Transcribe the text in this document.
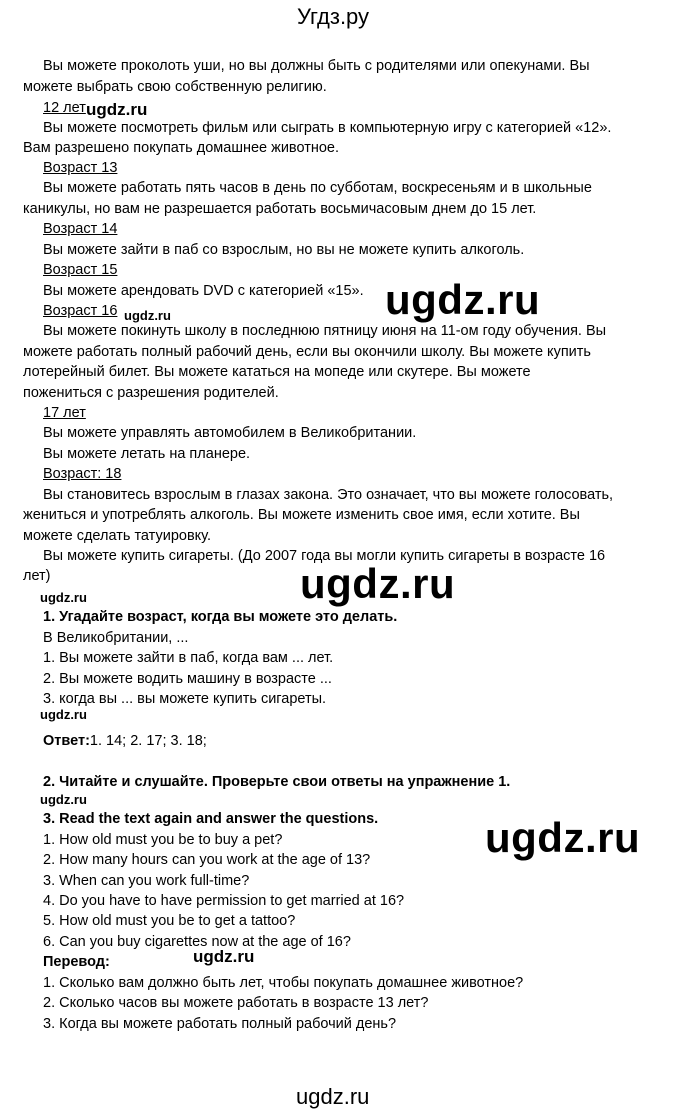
Угдз.ру
Вы можете проколоть уши, но вы должны быть с родителями или опекунами. Вы
можете выбрать свою собственную религию.
12 лет ugdz.ru
Вы можете посмотреть фильм или сыграть в компьютерную игру с категорией «12».
Вам разрешено покупать домашнее животное.
Возраст 13
Вы можете работать пять часов в день по субботам, воскресеньям и в школьные
каникулы, но вам не разрешается работать восьмичасовым днем до 15 лет.
Возраст 14
Вы можете зайти в паб со взрослым, но вы не можете купить алкоголь.
Возраст 15
Вы можете арендовать DVD с категорией «15». ugdz.ru
Возраст 16 ugdz.ru
Вы можете покинуть школу в последнюю пятницу июня на 11-ом году обучения. Вы
можете работать полный рабочий день, если вы окончили школу. Вы можете купить
лотерейный билет. Вы можете кататься на мопеде или скутере. Вы можете
пожениться с разрешения родителей.
17 лет
Вы можете управлять автомобилем в Великобритании.
Вы можете летать на планере.
Возраст: 18
Вы становитесь взрослым в глазах закона. Это означает, что вы можете голосовать,
жениться и употреблять алкоголь. Вы можете изменить свое имя, если хотите. Вы
можете сделать татуировку.
Вы можете купить сигареты. (До 2007 года вы могли купить сигареты в возрасте 16
лет)	ugdz.ru
ugdz.ru
1. Угадайте возраст, когда вы можете это делать.
В Великобритании, ...
1. Вы можете зайти в паб, когда вам ... лет.
2. Вы можете водить машину в возрасте ...
3. когда вы ... вы можете купить сигареты.
ugdz.ru
Ответ:1. 14; 2. 17; 3. 18;
2. Читайте и слушайте. Проверьте свои ответы на упражнение 1.
ugdz.ru
3. Read the text again and answer the questions.	ugdz.ru
1. How old must you be to buy a pet?
2. How many hours can you work at the age of 13?
3. When can you work full-time?
4. Do you have to have permission to get married at 16?
5. How old must you be to get a tattoo?
6. Can you buy cigarettes now at the age of 16?
Перевод:	ugdz.ru
1. Сколько вам должно быть лет, чтобы покупать домашнее животное?
2. Сколько часов вы можете работать в возрасте 13 лет?
3. Когда вы можете работать полный рабочий день?
ugdz.ru
